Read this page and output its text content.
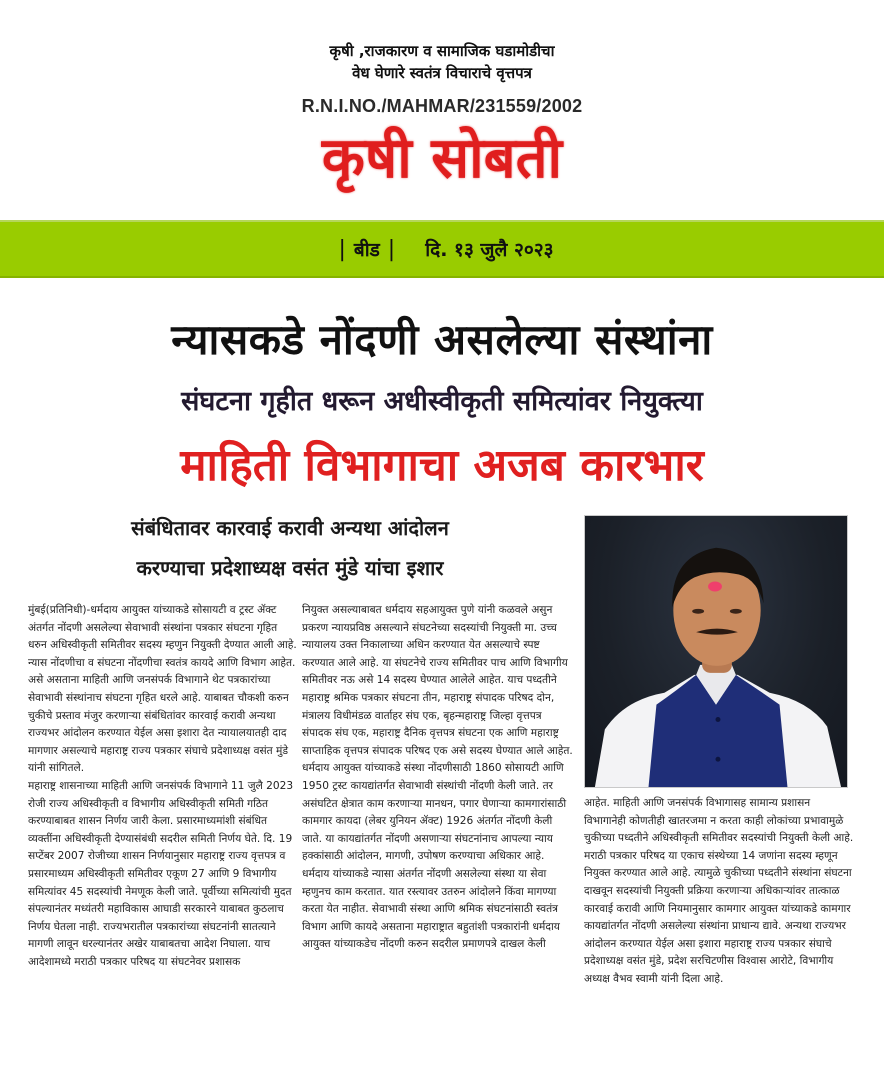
कृषी ,राजकारण व सामाजिक घडामोडीचा
वेध घेणारे स्वतंत्र विचाराचे वृत्तपत्र
R.N.I.NO./MAHMAR/231559/2002
कृषी सोबती
| बीड | दि. १३ जुलै २०२३
न्यासकडे नोंदणी असलेल्या संस्थांना
संघटना गृहीत धरून अधीस्वीकृती समित्यांवर नियुक्त्या
माहिती विभागाचा अजब कारभार
संबंधितावर कारवाई करावी अन्यथा आंदोलन
करण्याचा प्रदेशाध्यक्ष वसंत मुंडे यांचा इशार

मुंबई(प्रतिनिधी)-धर्मदाय आयुक्त यांच्याकडे सोसायटी व ट्रस्ट ॲक्ट अंतर्गत नोंदणी असलेल्या सेवाभावी संस्थांना पत्रकार संघटना गृहित धरुन अधिस्वीकृती समितीवर सदस्य म्हणुन नियुक्ती देण्यात आली आहे. न्यास नोंदणीचा व संघटना नोंदणीचा स्वतंत्र कायदे आणि विभाग आहेत. असे असताना माहिती आणि जनसंपर्क विभागाने थेट पत्रकारांच्या सेवाभावी संस्थांनाच संघटना गृहित धरले आहे. याबाबत चौकशी करुन चुकीचे प्रस्ताव मंजुर करणाऱ्या संबंधितांवर कारवाई करावी अन्यथा राज्यभर आंदोलन करण्यात येईल असा इशारा देत न्यायालयातही दाद मागणार असल्याचे महाराष्ट्र राज्य पत्रकार संघाचे प्रदेशाध्यक्ष वसंत मुंडे यांनी सांगितले.

महाराष्ट्र शासनाच्या माहिती आणि जनसंपर्क विभागाने 11 जुलै 2023 रोजी राज्य अधिस्वीकृती व विभागीय अधिस्वीकृती समिती गठित करण्याबाबत शासन निर्णय जारी केला. प्रसारमाध्यमांशी संबंधित व्यक्तींना अधिस्वीकृती देण्यासंबंधी सदरील समिती निर्णय घेते. दि. 19 सप्टेंबर 2007 रोजीच्या शासन निर्णयानुसार महाराष्ट्र राज्य वृत्तपत्र व प्रसारमाध्यम अधिस्वीकृती समितीवर एकूण 27 आणि 9 विभागीय समित्यांवर 45 सदस्यांची नेमणूक केली जाते. पूर्वीच्या समित्यांची मुदत संपल्यानंतर मध्यंतरी महाविकास आघाडी सरकारने याबाबत कुठलाच निर्णय घेतला नाही. राज्यभरातील पत्रकारांच्या संघटनांनी सातत्याने मागणी लावून धरल्यानंतर अखेर याबाबतचा आदेश निघाला. याच आदेशामध्ये मराठी पत्रकार परिषद या संघटनेवर प्रशासक

नियुक्त असल्याबाबत धर्मदाय सहआयुक्त पुणे यांनी कळवले असुन प्रकरण न्यायप्रविष्ठ असल्याने संघटनेच्या सदस्यांची नियुक्ती मा. उच्च न्यायालय उक्त निकालाच्या अधिन करण्यात येत असल्याचे स्पष्ट करण्यात आले आहे. या संघटनेचे राज्य समितीवर पाच आणि विभागीय समितीवर नऊ असे 14 सदस्य घेण्यात आलेले आहेत. याच पध्दतीने महाराष्ट्र श्रमिक पत्रकार संघटना तीन, महाराष्ट्र संपादक परिषद दोन, मंत्रालय विधीमंडळ वार्ताहर संघ एक, बृहन्महाराष्ट्र जिल्हा वृत्तपत्र संपादक संघ एक, महाराष्ट्र दैनिक वृत्तपत्र संघटना एक आणि महाराष्ट्र साप्ताहिक वृत्तपत्र संपादक परिषद एक असे सदस्य घेण्यात आले आहेत.

धर्मदाय आयुक्त यांच्याकडे संस्था नोंदणीसाठी 1860 सोसायटी आणि 1950 ट्रस्ट कायद्यांतर्गत सेवाभावी संस्थांची नोंदणी केली जाते. तर असंघटित क्षेत्रात काम करणाऱ्या मानधन, पगार घेणाऱ्या कामगारांसाठी कामगार कायदा (लेबर युनियन ॲक्ट) 1926 अंतर्गत नोंदणी केली जाते. या कायद्यांतर्गत नोंदणी असणाऱ्या संघटनांनाच आपल्या न्याय हक्कांसाठी आंदोलन, मागणी, उपोषण करण्याचा अधिकार आहे. धर्मदाय यांच्याकडे न्यासा अंतर्गत नोंदणी असलेल्या संस्था या सेवा म्हणुनच काम करतात. यात रस्त्यावर उतरुन आंदोलने किंवा मागण्या करता येत नाहीत. सेवाभावी संस्था आणि श्रमिक संघटनांसाठी स्वतंत्र विभाग आणि कायदे असताना महाराष्ट्रात बहुतांशी पत्रकारांनी धर्मदाय आयुक्त यांच्याकडेच नोंदणी करुन सदरील प्रमाणपत्रे दाखल केली

आहेत. माहिती आणि जनसंपर्क विभागासह सामान्य प्रशासन विभागानेही कोणतीही खातरजमा न करता काही लोकांच्या प्रभावामुळे चुकीच्या पध्दतीने अधिस्वीकृती समितीवर सदस्यांची नियुक्ती केली आहे.

मराठी पत्रकार परिषद या एकाच संस्थेच्या 14 जणांना सदस्य म्हणून नियुक्त करण्यात आले आहे. त्यामुळे चुकीच्या पध्दतीने संस्थांना संघटना दाखवून सदस्यांची नियुक्ती प्रक्रिया करणाऱ्या अधिकाऱ्यांवर तात्काळ कारवाई करावी आणि नियमानुसार कामगार आयुक्त यांच्याकडे कामगार कायद्यांतर्गत नोंदणी असलेल्या संस्थांना प्राधान्य द्यावे. अन्यथा राज्यभर आंदोलन करण्यात येईल असा इशारा महाराष्ट्र राज्य पत्रकार संघाचे प्रदेशाध्यक्ष वसंत मुंडे, प्रदेश सरचिटणीस विश्वास आरोटे, विभागीय अध्यक्ष वैभव स्वामी यांनी दिला आहे.
